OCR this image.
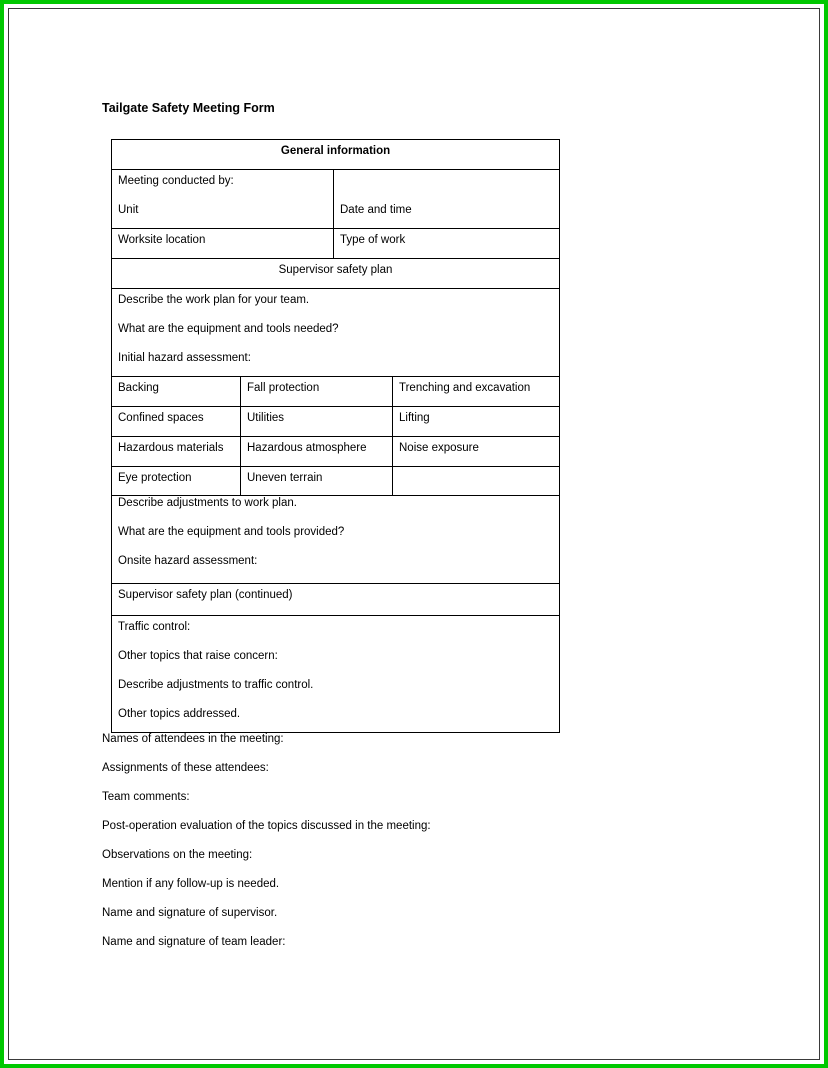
Tailgate Safety Meeting Form
General information			

Meeting conducted by:
Unit		Date and time	
Worksite location		Type of work	
Supervisor safety plan			

Describe the work plan for your team.
What are the equipment and tools needed?
Initial hazard assessment:			

Backing	Fall protection		Trenching and excavation
Confined spaces	Utilities		Lifting
Hazardous materials	Hazardous atmosphere		Noise exposure
Eye protection	Uneven terrain		

Describe adjustments to work plan.
What are the equipment and tools provided?
Onsite hazard assessment:			

Supervisor safety plan (continued)			

Traffic control:
Other topics that raise concern:
Describe adjustments to traffic control.
Other topics addressed.			
Names of attendees in the meeting:
Assignments of these attendees:
Team comments:
Post-operation evaluation of the topics discussed in the meeting:
Observations on the meeting:
Mention if any follow-up is needed.
Name and signature of supervisor.
Name and signature of team leader:
